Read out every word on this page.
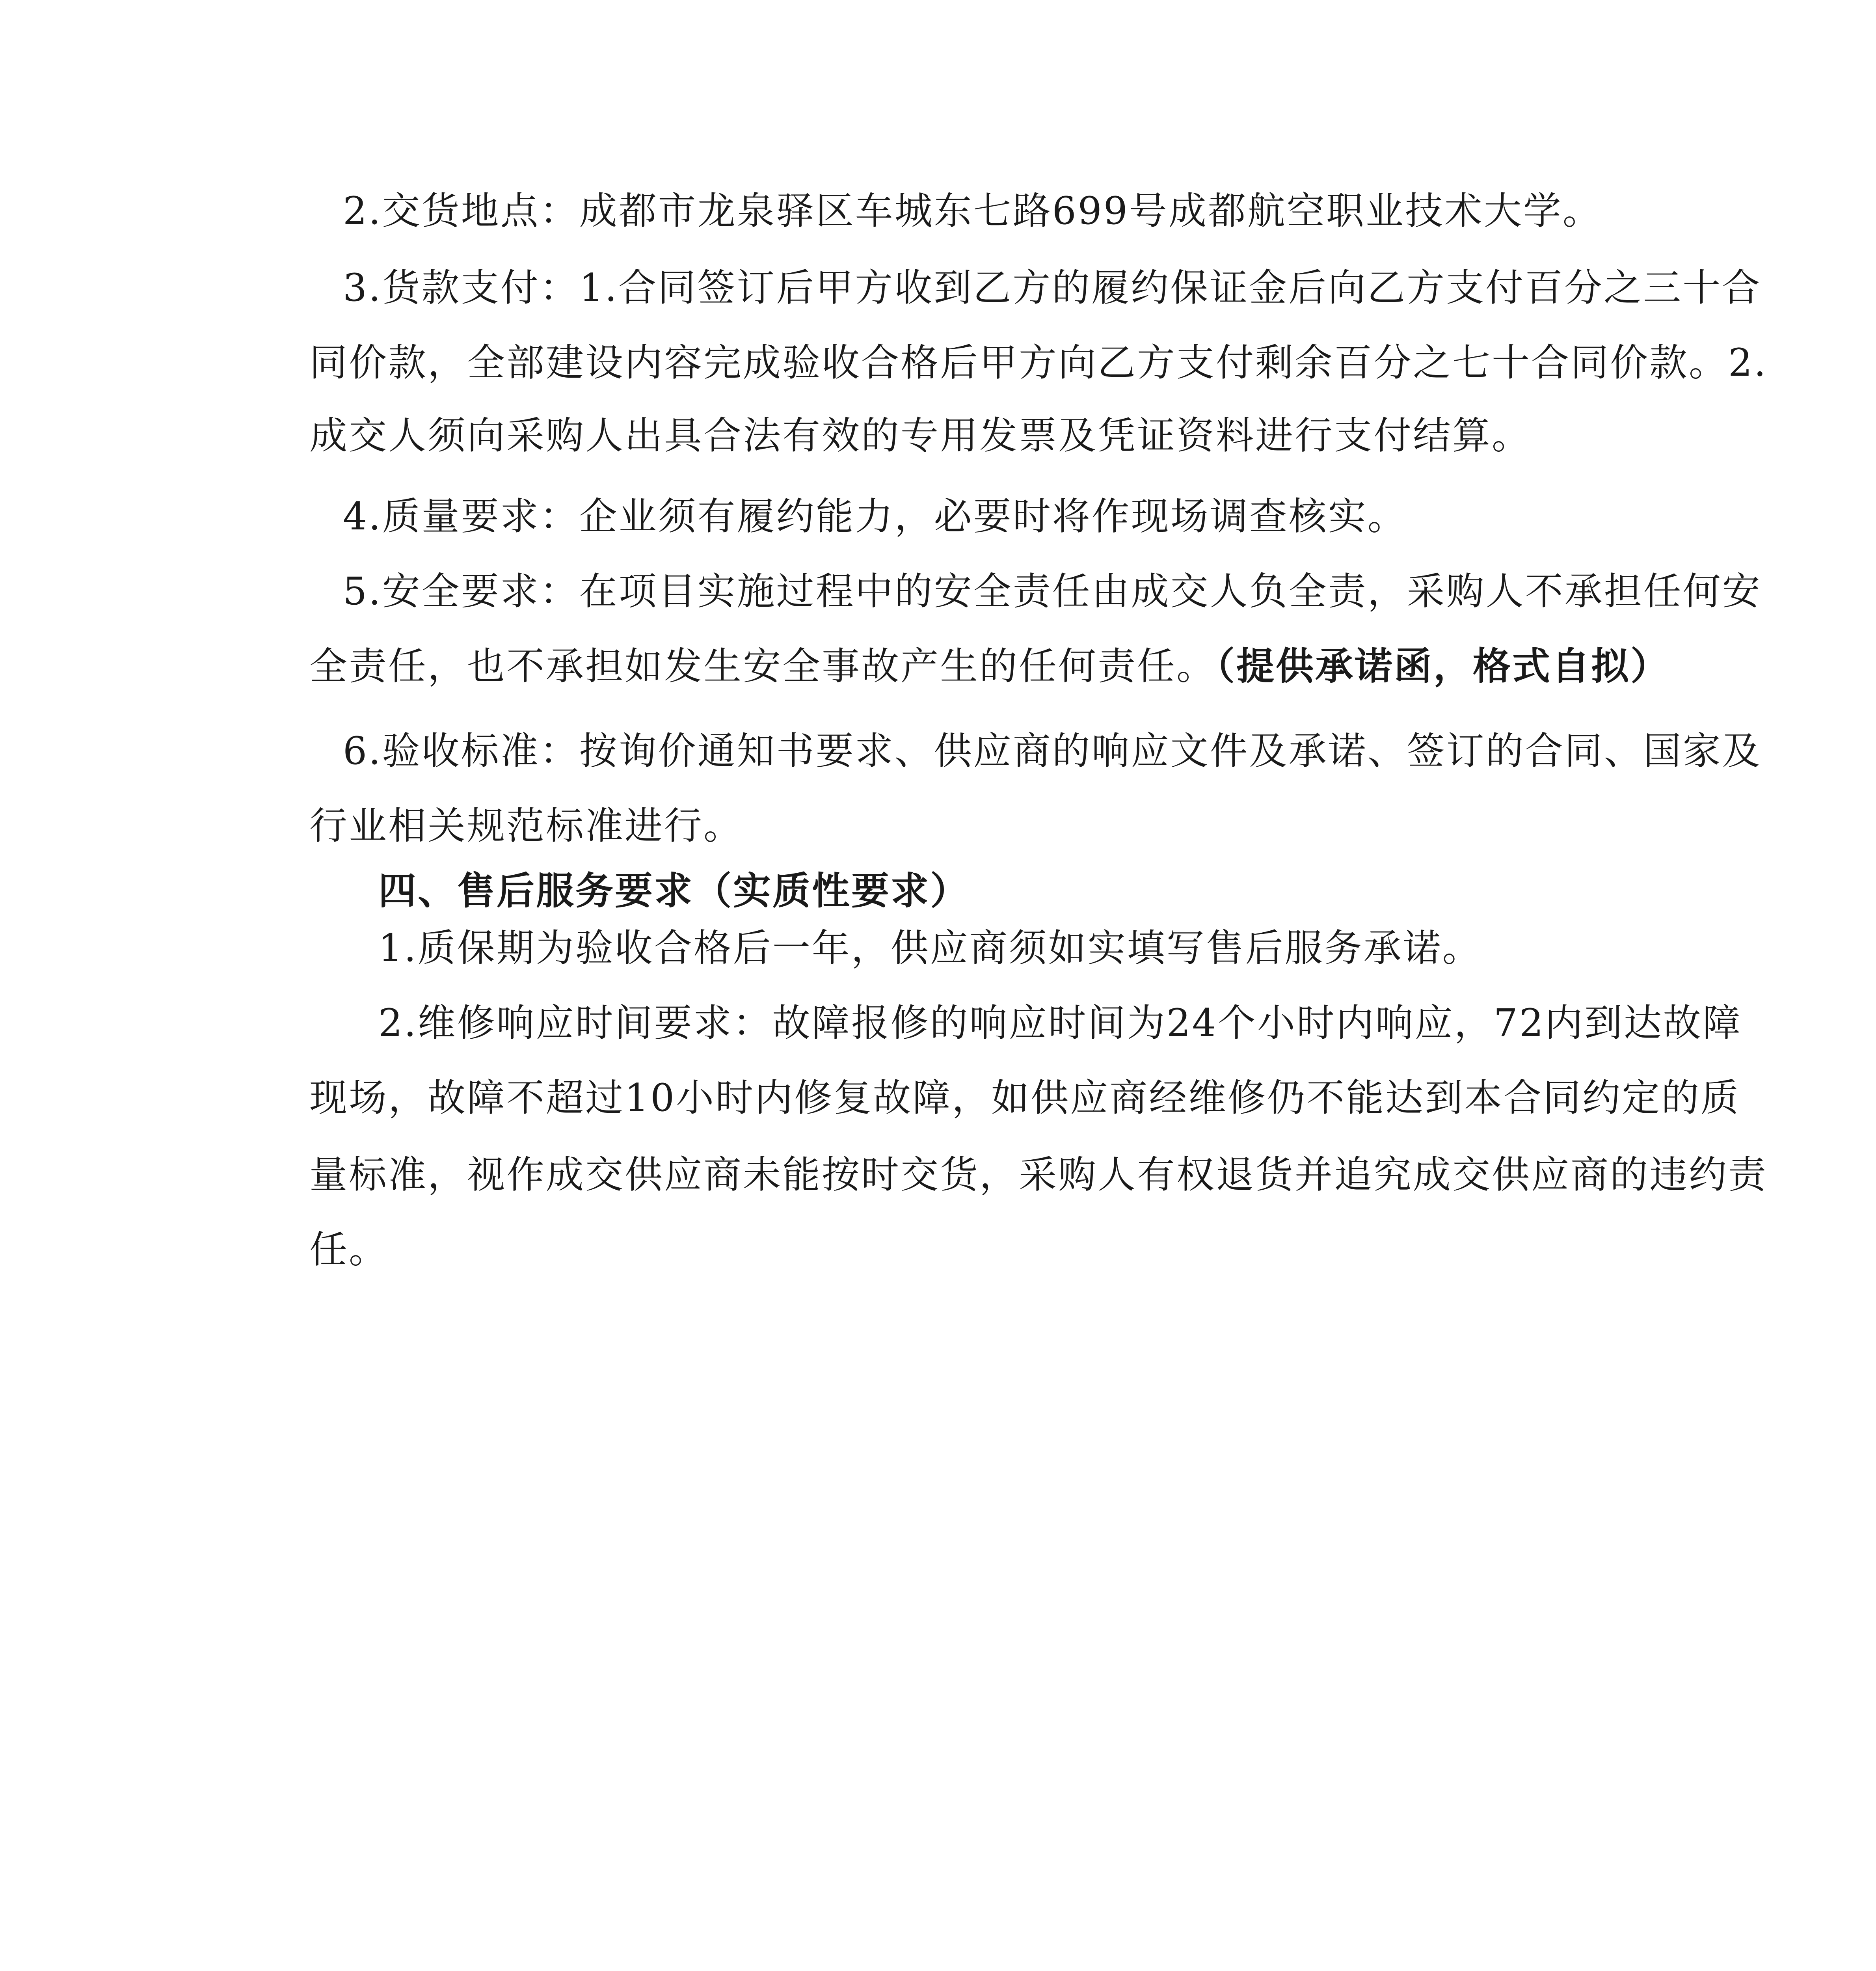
2.交货地点：成都市龙泉驿区车城东七路699号成都航空职业技术大学。
3.货款支付：1.合同签订后甲方收到乙方的履约保证金后向乙方支付百分之三十合
同价款，全部建设内容完成验收合格后甲方向乙方支付剩余百分之七十合同价款。2.
成交人须向采购人出具合法有效的专用发票及凭证资料进行支付结算。
4.质量要求：企业须有履约能力，必要时将作现场调查核实。
5.安全要求：在项目实施过程中的安全责任由成交人负全责，采购人不承担任何安
全责任，也不承担如发生安全事故产生的任何责任。（提供承诺函，格式自拟）
6.验收标准：按询价通知书要求、供应商的响应文件及承诺、签订的合同、国家及
行业相关规范标准进行。
四、售后服务要求（实质性要求）
1.质保期为验收合格后一年，供应商须如实填写售后服务承诺。
2.维修响应时间要求：故障报修的响应时间为24个小时内响应，72内到达故障
现场，故障不超过10小时内修复故障，如供应商经维修仍不能达到本合同约定的质
量标准，视作成交供应商未能按时交货，采购人有权退货并追究成交供应商的违约责
任。
